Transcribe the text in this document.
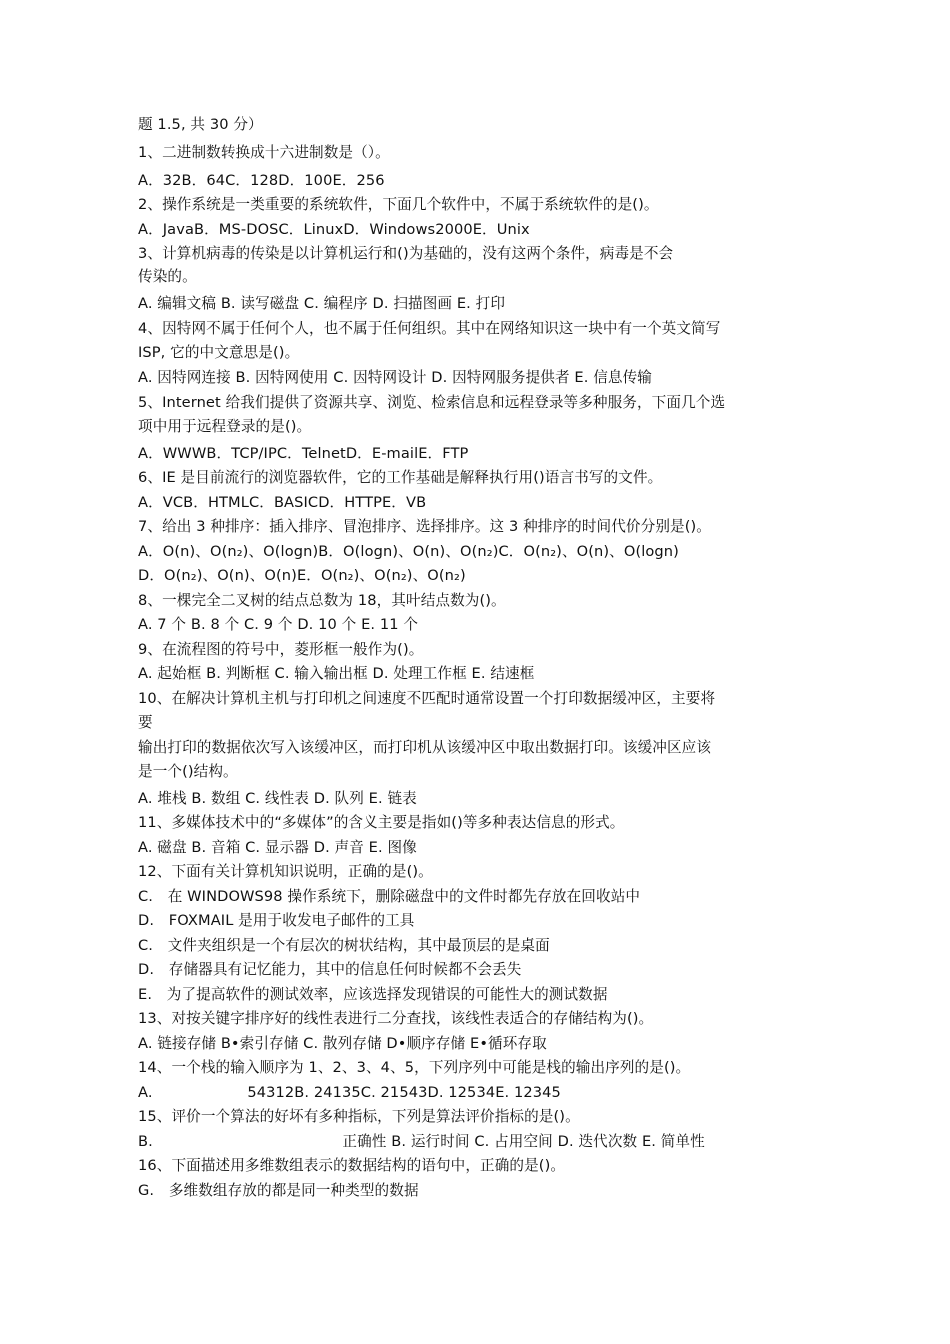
题 1.5, 共 30 分）
1、二进制数转换成十六进制数是（）。
A．32B．64C．128D．100E．256
2、操作系统是一类重要的系统软件，下面几个软件中，不属于系统软件的是()。
A．JavaB．MS-DOSC．LinuxD．Windows2000E．Unix
3、计算机病毒的传染是以计算机运行和()为基础的，没有这两个条件，病毒是不会
传染的。
A. 编辑文稿 B. 读写磁盘 C. 编程序 D. 扫描图画 E. 打印
4、因特网不属于任何个人，也不属于任何组织。其中在网络知识这一块中有一个英文简写
ISP, 它的中文意思是()。
A. 因特网连接 B. 因特网使用 C. 因特网设计 D. 因特网服务提供者 E. 信息传输
5、Internet 给我们提供了资源共享、浏览、检索信息和远程登录等多种服务，下面几个选
项中用于远程登录的是()。
A．WWWB．TCP/IPC．TelnetD．E-mailE．FTP
6、IE 是目前流行的浏览器软件，它的工作基础是解释执行用()语言书写的文件。
A．VCB．HTMLC．BASICD．HTTPE．VB
7、给出 3 种排序：插入排序、冒泡排序、选择排序。这 3 种排序的时间代价分别是()。
A．O(n)、O(n₂)、O(logn)B．O(logn)、O(n)、O(n₂)C．O(n₂)、O(n)、O(logn)
D．O(n₂)、O(n)、O(n)E．O(n₂)、O(n₂)、O(n₂)
8、一棵完全二叉树的结点总数为 18，其叶结点数为()。
A. 7 个 B. 8 个 C. 9 个 D. 10 个 E. 11 个
9、在流程图的符号中，菱形框一般作为()。
A. 起始框 B. 判断框 C. 输入输出框 D. 处理工作框 E. 结速框
10、在解决计算机主机与打印机之间速度不匹配时通常设置一个打印数据缓冲区，主要将
要
输出打印的数据依次写入该缓冲区，而打印机从该缓冲区中取出数据打印。该缓冲区应该
是一个()结构。
A. 堆栈 B. 数组 C. 线性表 D. 队列 E. 链表
11、多媒体技术中的“多媒体”的含义主要是指如()等多种表达信息的形式。
A. 磁盘 B. 音箱 C. 显示器 D. 声音 E. 图像
12、下面有关计算机知识说明，正确的是()。
C.　在 WINDOWS98 操作系统下，删除磁盘中的文件时都先存放在回收站中
D.　FOXMAIL 是用于收发电子邮件的工具
C.　文件夹组织是一个有层次的树状结构，其中最顶层的是桌面
D.　存储器具有记忆能力，其中的信息任何时候都不会丢失
E.　为了提高软件的测试效率，应该选择发现错误的可能性大的测试数据
13、对按关键字排序好的线性表进行二分查找，该线性表适合的存储结构为()。
A. 链接存储 B•索引存储 C. 散列存储 D•顺序存储 E•循环存取
14、一个栈的输入顺序为 1、2、3、4、5，下列序列中可能是栈的输出序列的是()。
A.                    54312B. 24135C. 21543D. 12534E. 12345
15、评价一个算法的好坏有多种指标，下列是算法评价指标的是()。
B.                                        正确性 B. 运行时间 C. 占用空间 D. 迭代次数 E. 简单性
16、下面描述用多维数组表示的数据结构的语句中，正确的是()。
G.　多维数组存放的都是同一种类型的数据
